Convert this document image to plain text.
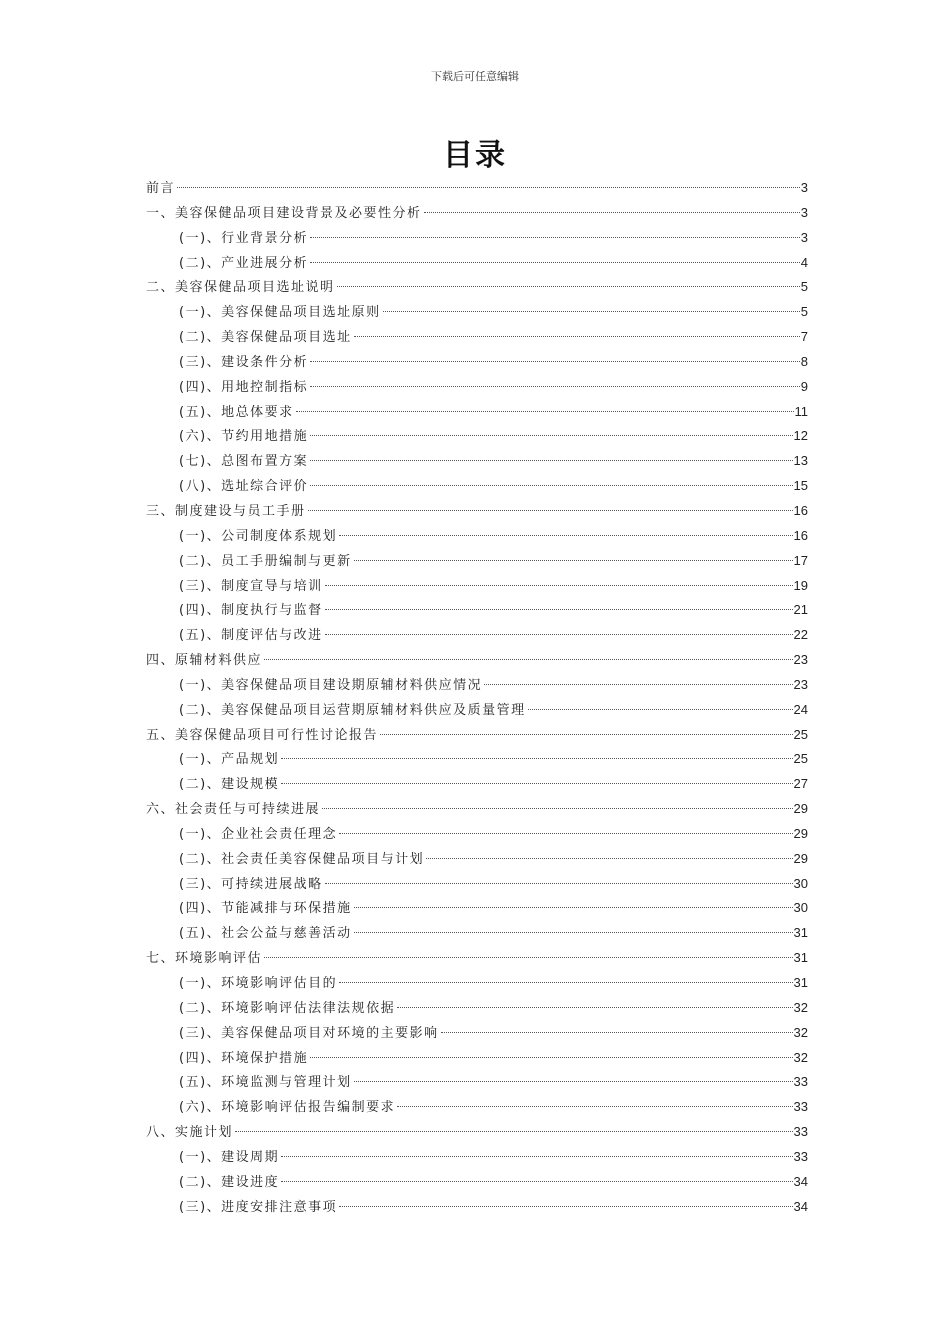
下载后可任意编辑
目录
前言	3
一、美容保健品项目建设背景及必要性分析	3
(一)、行业背景分析	3
(二)、产业进展分析	4
二、美容保健品项目选址说明	5
(一)、美容保健品项目选址原则	5
(二)、美容保健品项目选址	7
(三)、建设条件分析	8
(四)、用地控制指标	9
(五)、地总体要求	11
(六)、节约用地措施	12
(七)、总图布置方案	13
(八)、选址综合评价	15
三、制度建设与员工手册	16
(一)、公司制度体系规划	16
(二)、员工手册编制与更新	17
(三)、制度宣导与培训	19
(四)、制度执行与监督	21
(五)、制度评估与改进	22
四、原辅材料供应	23
(一)、美容保健品项目建设期原辅材料供应情况	23
(二)、美容保健品项目运营期原辅材料供应及质量管理	24
五、美容保健品项目可行性讨论报告	25
(一)、产品规划	25
(二)、建设规模	27
六、社会责任与可持续进展	29
(一)、企业社会责任理念	29
(二)、社会责任美容保健品项目与计划	29
(三)、可持续进展战略	30
(四)、节能减排与环保措施	30
(五)、社会公益与慈善活动	31
七、环境影响评估	31
(一)、环境影响评估目的	31
(二)、环境影响评估法律法规依据	32
(三)、美容保健品项目对环境的主要影响	32
(四)、环境保护措施	32
(五)、环境监测与管理计划	33
(六)、环境影响评估报告编制要求	33
八、实施计划	33
(一)、建设周期	33
(二)、建设进度	34
(三)、进度安排注意事项	34
